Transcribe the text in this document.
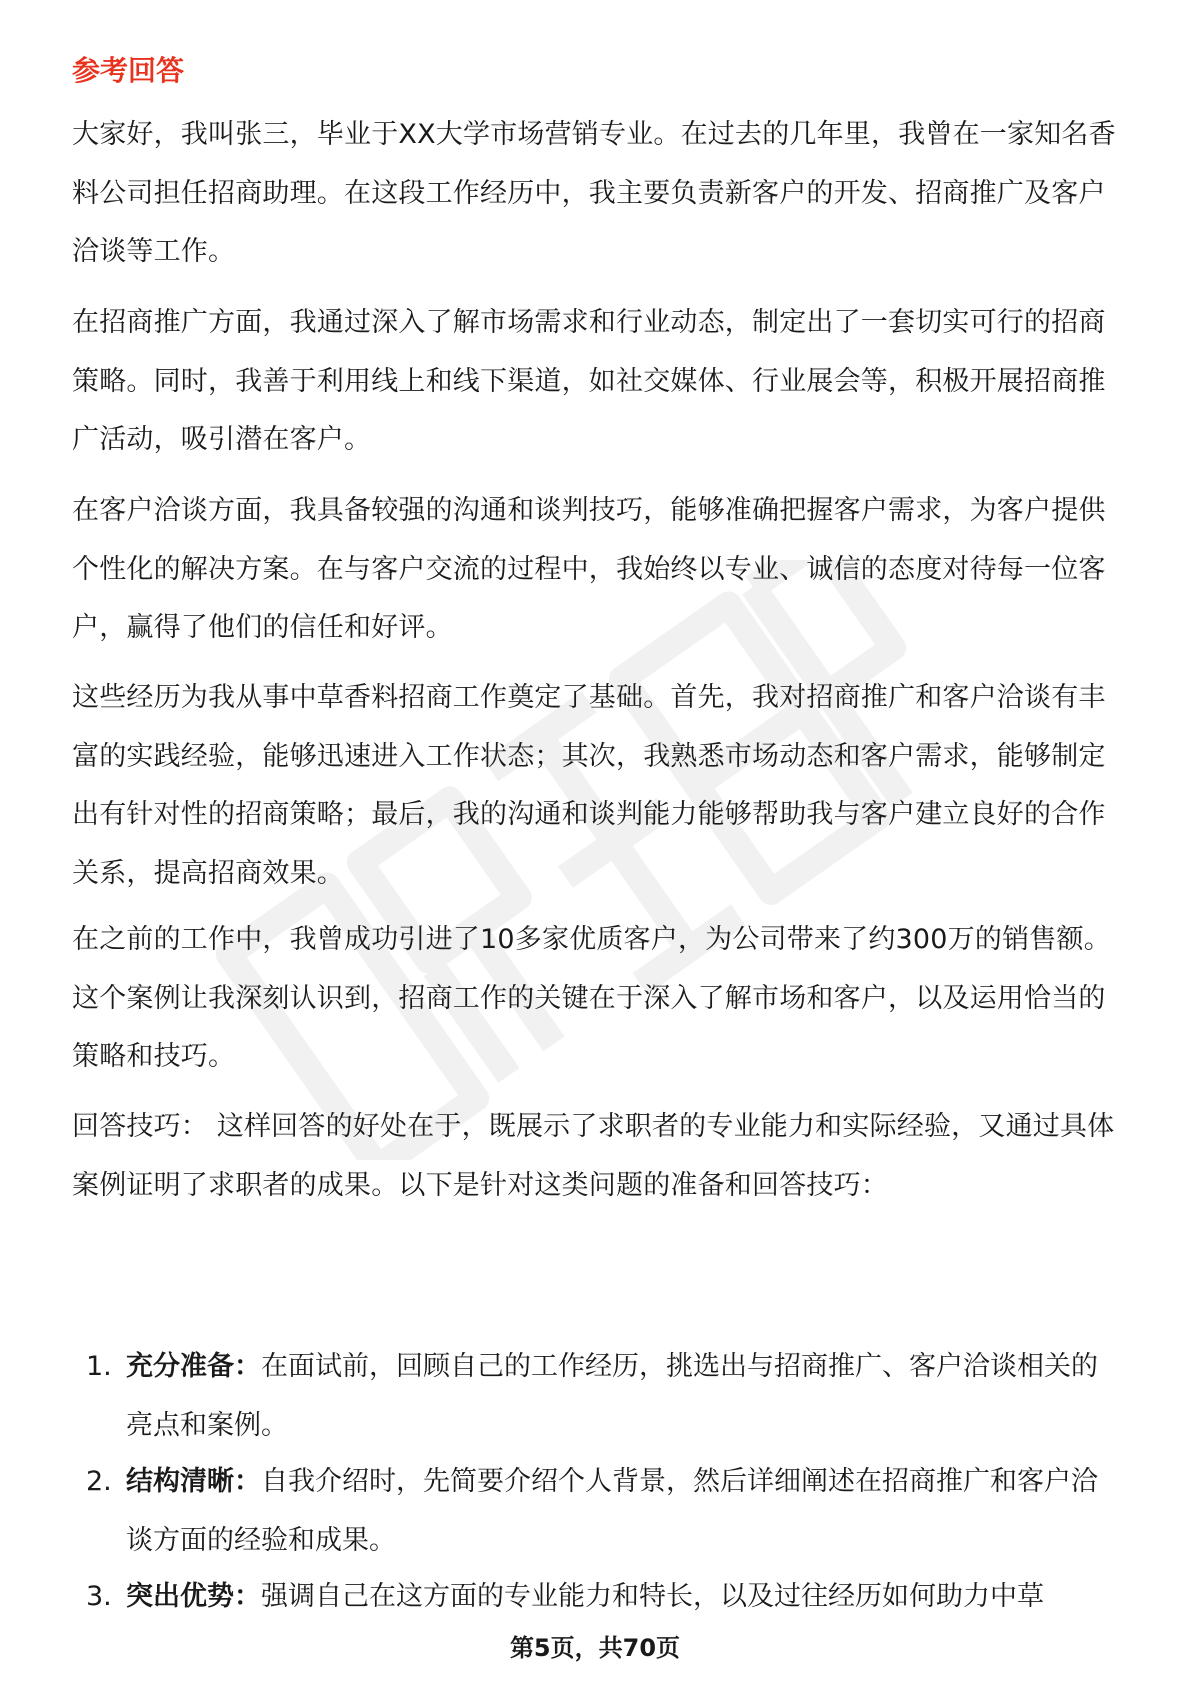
参考回答

大家好，我叫张三，毕业于XX大学市场营销专业。在过去的几年里，我曾在一家知名香料公司担任招商助理。在这段工作经历中，我主要负责新客户的开发、招商推广及客户洽谈等工作。

在招商推广方面，我通过深入了解市场需求和行业动态，制定出了一套切实可行的招商策略。同时，我善于利用线上和线下渠道，如社交媒体、行业展会等，积极开展招商推广活动，吸引潜在客户。

在客户洽谈方面，我具备较强的沟通和谈判技巧，能够准确把握客户需求，为客户提供个性化的解决方案。在与客户交流的过程中，我始终以专业、诚信的态度对待每一位客户，赢得了他们的信任和好评。

这些经历为我从事中草香料招商工作奠定了基础。首先，我对招商推广和客户洽谈有丰富的实践经验，能够迅速进入工作状态；其次，我熟悉市场动态和客户需求，能够制定出有针对性的招商策略；最后，我的沟通和谈判能力能够帮助我与客户建立良好的合作关系，提高招商效果。

在之前的工作中，我曾成功引进了10多家优质客户，为公司带来了约300万的销售额。这个案例让我深刻认识到，招商工作的关键在于深入了解市场和客户，以及运用恰当的策略和技巧。

回答技巧： 这样回答的好处在于，既展示了求职者的专业能力和实际经验，又通过具体案例证明了求职者的成果。以下是针对这类问题的准备和回答技巧：

1. 充分准备：在面试前，回顾自己的工作经历，挑选出与招商推广、客户洽谈相关的亮点和案例。
2. 结构清晰：自我介绍时，先简要介绍个人背景，然后详细阐述在招商推广和客户洽谈方面的经验和成果。
3. 突出优势：强调自己在这方面的专业能力和特长，以及过往经历如何助力中草
第5页，共70页
